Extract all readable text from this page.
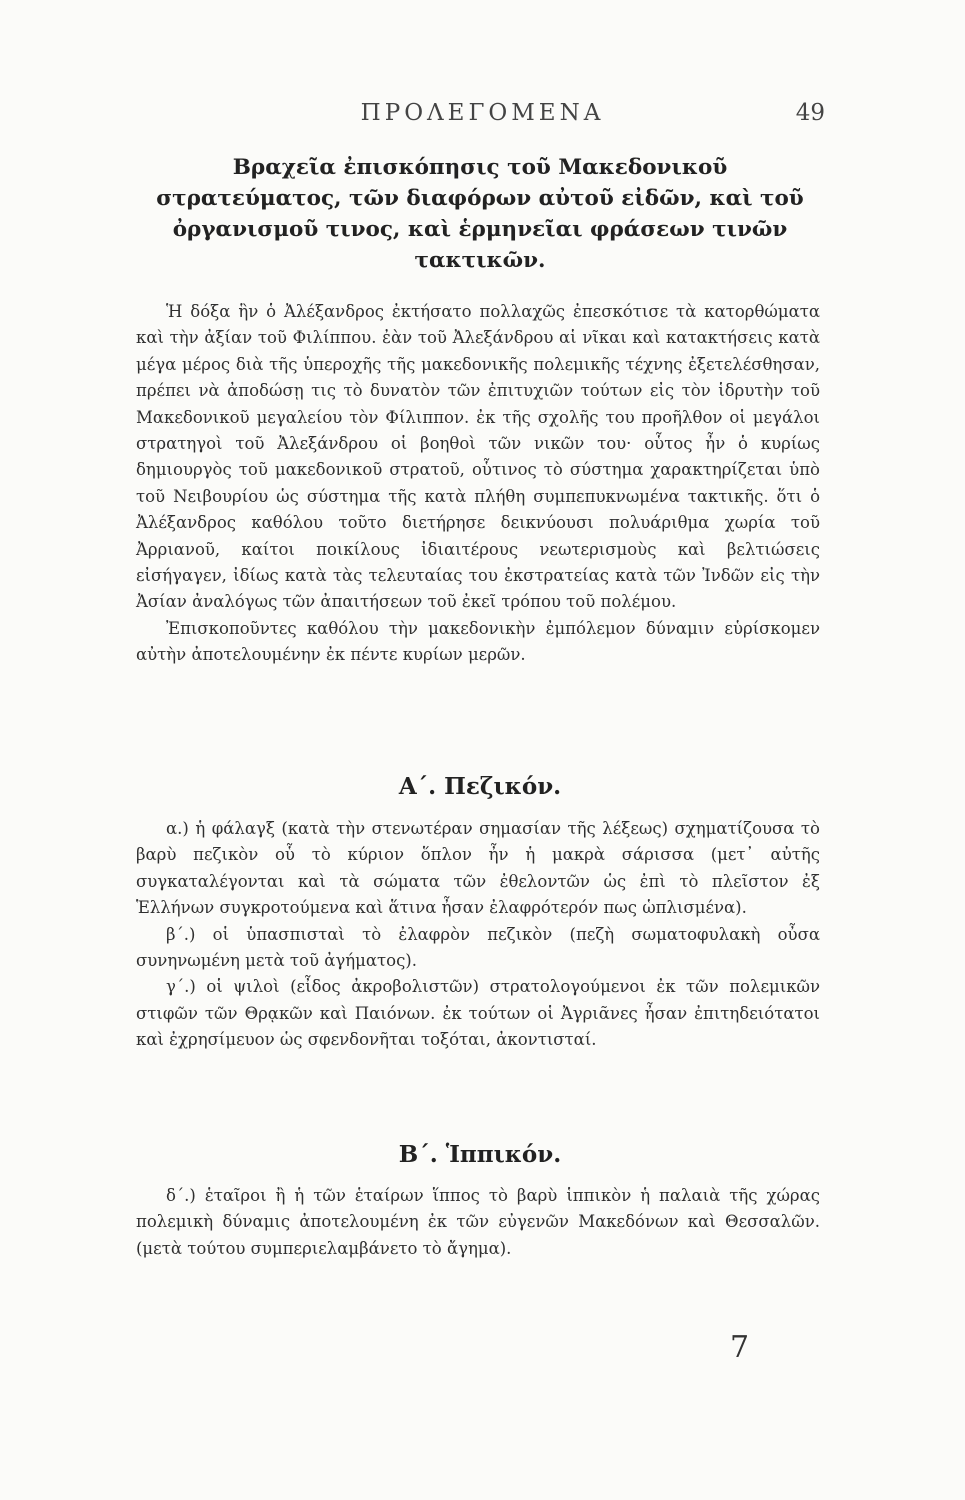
ΠΡΟΛΕΓΟΜΕΝΑ	49
Βραχεῖα ἐπισκόπησις τοῦ Μακεδονικοῦ στρατεύματος, τῶν διαφόρων αὐτοῦ εἰδῶν, καὶ τοῦ ὀργανισμοῦ τινος, καὶ ἑρμηνεῖαι φράσεων τινῶν τακτικῶν.

Ἡ δόξα ἣν ὁ Ἀλέξανδρος ἐκτήσατο πολλαχῶς ἐπεσκότισε τὰ κατορθώματα καὶ τὴν ἀξίαν τοῦ Φιλίππου. ἐὰν τοῦ Ἀλεξάνδρου αἱ νῖκαι καὶ κατακτήσεις κατὰ μέγα μέρος διὰ τῆς ὑπεροχῆς τῆς μακεδονικῆς πολεμικῆς τέχνης ἐξετελέσθησαν, πρέπει νὰ ἀποδώσῃ τις τὸ δυνατὸν τῶν ἐπιτυχιῶν τούτων εἰς τὸν ἱδρυτὴν τοῦ Μακεδονικοῦ μεγαλείου τὸν Φίλιππον. ἐκ τῆς σχολῆς του προῆλθον οἱ μεγάλοι στρατηγοὶ τοῦ Ἀλεξάνδρου οἱ βοηθοὶ τῶν νικῶν του· οὗτος ἦν ὁ κυρίως δημιουργὸς τοῦ μακεδονικοῦ στρατοῦ, οὗτινος τὸ σύστημα χαρακτηρίζεται ὑπὸ τοῦ Νειβουρίου ὡς σύστημα τῆς κατὰ πλήθη συμπεπυκνωμένα τακτικῆς. ὅτι ὁ Ἀλέξανδρος καθόλου τοῦτο διετήρησε δεικνύουσι πολυάριθμα χωρία τοῦ Ἀρριανοῦ, καίτοι ποικίλους ἰδιαιτέρους νεωτερισμοὺς καὶ βελτιώσεις εἰσήγαγεν, ἰδίως κατὰ τὰς τελευταίας του ἐκστρατείας κατὰ τῶν Ἰνδῶν εἰς τὴν Ἀσίαν ἀναλόγως τῶν ἀπαιτήσεων τοῦ ἐκεῖ τρόπου τοῦ πολέμου.

Ἐπισκοποῦντες καθόλου τὴν μακεδονικὴν ἐμπόλεμον δύναμιν εὑρίσκομεν αὐτὴν ἀποτελουμένην ἐκ πέντε κυρίων μερῶν.

Α΄. Πεζικόν.

α.) ἡ φάλαγξ (κατὰ τὴν στενωτέραν σημασίαν τῆς λέξεως) σχηματίζουσα τὸ βαρὺ πεζικὸν οὗ τὸ κύριον ὅπλον ἦν ἡ μακρὰ σάρισσα (μετ᾽ αὐτῆς συγκαταλέγονται καὶ τὰ σώματα τῶν ἐθελοντῶν ὡς ἐπὶ τὸ πλεῖστον ἐξ Ἑλλήνων συγκροτούμενα καὶ ἅτινα ἦσαν ἐλαφρότερόν πως ὡπλισμένα).

β΄.) οἱ ὑπασπισταὶ τὸ ἐλαφρὸν πεζικὸν (πεζὴ σωματοφυλακὴ οὖσα συνηνωμένη μετὰ τοῦ ἀγήματος).

γ΄.) οἱ ψιλοὶ (εἶδος ἀκροβολιστῶν) στρατολογούμενοι ἐκ τῶν πολεμικῶν στιφῶν τῶν Θρᾳκῶν καὶ Παιόνων. ἐκ τούτων οἱ Ἀγριᾶνες ἦσαν ἐπιτηδειότατοι καὶ ἐχρησίμευον ὡς σφενδονῆται τοξόται, ἀκοντισταί.

Β΄. Ἱππικόν.

δ΄.) ἑταῖροι ἢ ἡ τῶν ἑταίρων ἵππος τὸ βαρὺ ἱππικὸν ἡ παλαιὰ τῆς χώρας πολεμικὴ δύναμις ἀποτελουμένη ἐκ τῶν εὐγενῶν Μακεδόνων καὶ Θεσσαλῶν. (μετὰ τούτου συμπεριελαμβάνετο τὸ ἄγημα).

7
